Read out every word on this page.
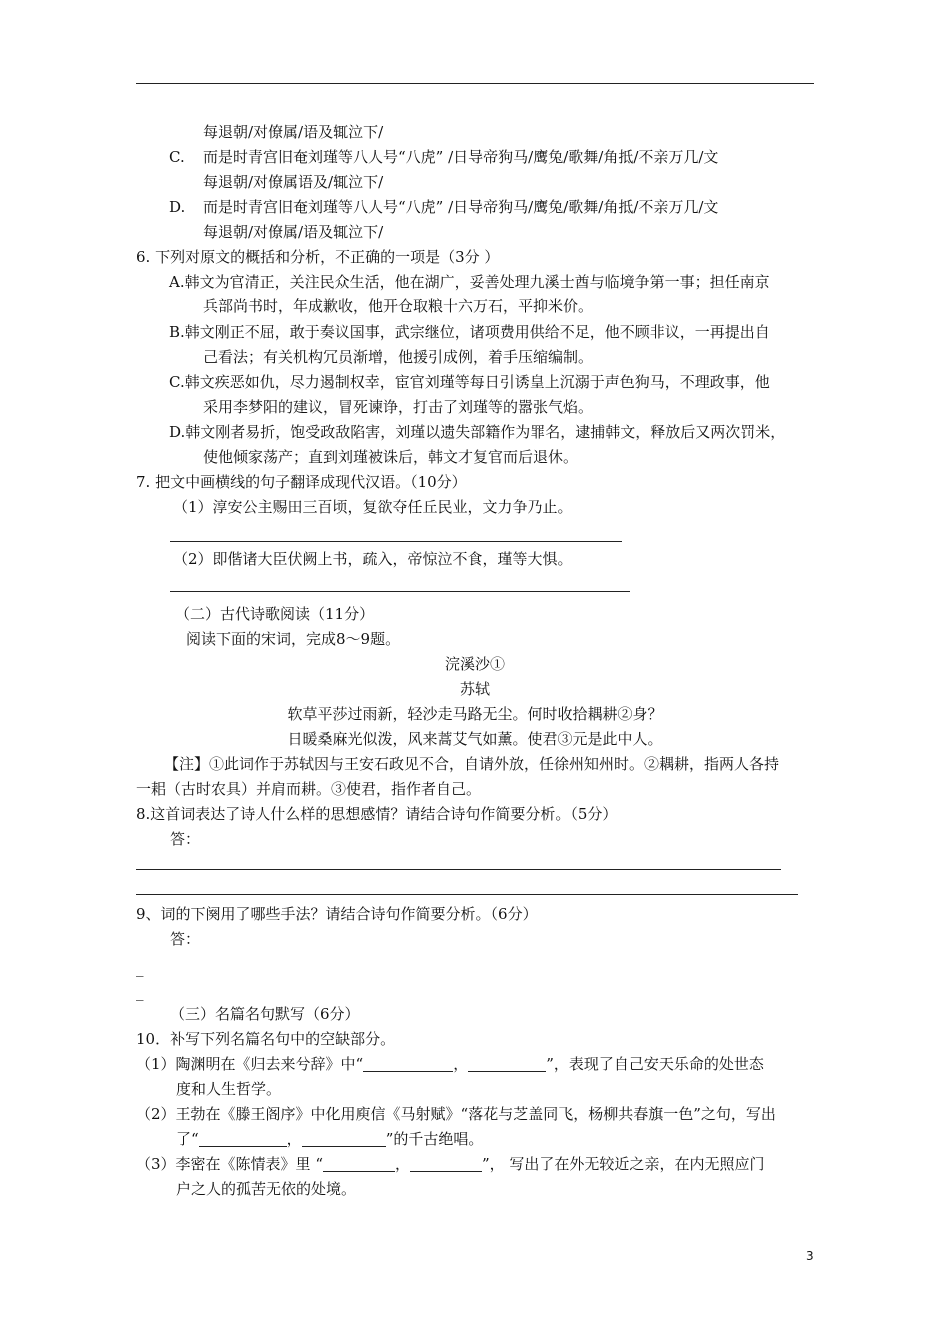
每退朝/对僚属/语及辄泣下/
C. 而是时青宫旧奄刘瑾等八人号“八虎” /日导帝狗马/鹰兔/歌舞/角抵/不亲万几/文
每退朝/对僚属语及/辄泣下/
D. 而是时青宫旧奄刘瑾等八人号“八虎” /日导帝狗马/鹰兔/歌舞/角抵/不亲万几/文
每退朝/对僚属/语及辄泣下/
6. 下列对原文的概括和分析，不正确的一项是（3分 ）
A.韩文为官清正，关注民众生活，他在湖广，妥善处理九溪士酋与临境争第一事；担任南京
兵部尚书时，年成歉收，他开仓取粮十六万石，平抑米价。
B.韩文刚正不屈，敢于奏议国事，武宗继位，诸项费用供给不足，他不顾非议，一再提出自
己看法；有关机构冗员渐增，他援引成例，着手压缩编制。
C.韩文疾恶如仇，尽力遏制权幸，宦官刘瑾等每日引诱皇上沉溺于声色狗马，不理政事，他
采用李梦阳的建议，冒死谏诤，打击了刘瑾等的嚣张气焰。
D.韩文刚者易折，饱受政敌陷害，刘瑾以遗失部籍作为罪名，逮捕韩文，释放后又两次罚米，
使他倾家荡产；直到刘瑾被诛后，韩文才复官而后退休。
7. 把文中画横线的句子翻译成现代汉语。（10分）
（1）淳安公主赐田三百顷，复欲夺任丘民业，文力争乃止。
（2）即偕诸大臣伏阙上书，疏入，帝惊泣不食，瑾等大惧。
（二）古代诗歌阅读（11分）
阅读下面的宋词，完成8～9题。
浣溪沙①
苏轼
软草平莎过雨新，轻沙走马路无尘。何时收拾耦耕②身？
日暖桑麻光似泼，风来蒿艾气如薰。使君③元是此中人。
【注】①此词作于苏轼因与王安石政见不合，自请外放，任徐州知州时。②耦耕，指两人各持
一耜（古时农具）并肩而耕。③使君，指作者自己。
8.这首词表达了诗人什么样的思想感情？请结合诗句作简要分析。（5分）
答：
9、词的下阕用了哪些手法？请结合诗句作简要分析。（6分）
答：
_
_
（三）名篇名句默写（6分）
10．补写下列名篇名句中的空缺部分。
（1）陶渊明在《归去来兮辞》中“	，	”，表现了自己安天乐命的处世态
度和人生哲学。
（2）王勃在《滕王阁序》中化用庾信《马射赋》“落花与芝盖同飞，杨柳共春旗一色”之句，写出
了“	，	”的千古绝唱。
（3）李密在《陈情表》里 “	，	”， 写出了在外无较近之亲，在内无照应门
户之人的孤苦无依的处境。
3
